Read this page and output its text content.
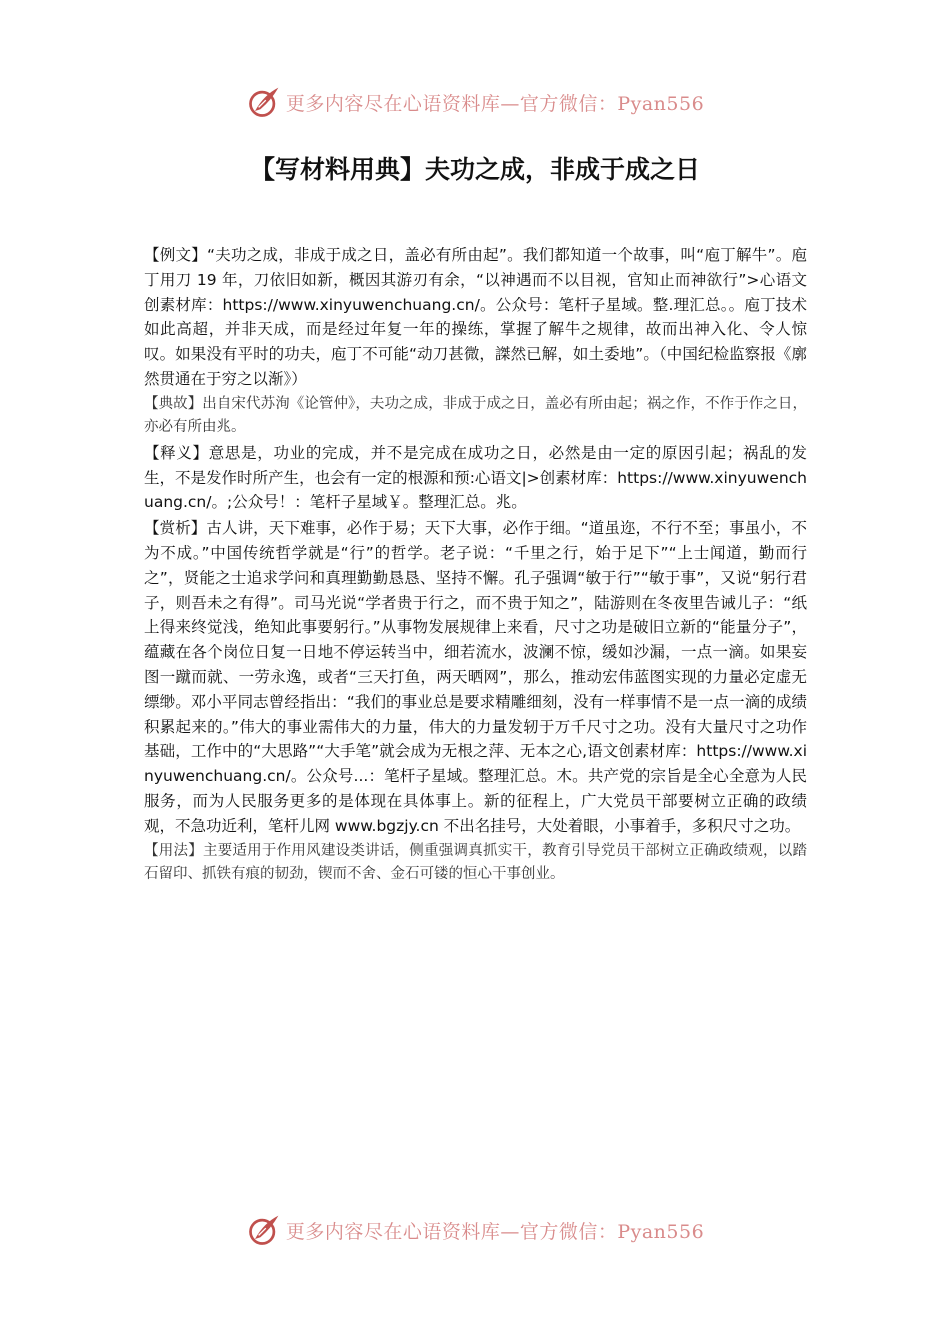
更多内容尽在心语资料库—官方微信：Pyan556
【写材料用典】夫功之成，非成于成之日

【例文】“夫功之成，非成于成之日，盖必有所由起”。我们都知道一个故事，叫“庖丁解牛”。庖丁用刀 19 年，刀依旧如新，概因其游刃有余，“以神遇而不以目视，官知止而神欲行”>心语文创素材库：https://www.xinyuwenchuang.cn/。公众号：笔杆子星域。整.理汇总。。庖丁技术如此高超，并非天成，而是经过年复一年的操练，掌握了解牛之规律，故而出神入化、令人惊叹。如果没有平时的功夫，庖丁不可能“动刀甚微，謋然已解，如土委地”。（中国纪检监察报《廓然贯通在于穷之以渐》）

【典故】出自宋代苏洵《论管仲》，夫功之成，非成于成之日，盖必有所由起；祸之作，不作于作之日，亦必有所由兆。

【释义】意思是，功业的完成，并不是完成在成功之日，必然是由一定的原因引起；祸乱的发生，不是发作时所产生，也会有一定的根源和预:心语文|>创素材库：https://www.xinyuwenchuang.cn/。;公众号！：笔杆子星域￥。整理汇总。兆。

【赏析】古人讲，天下难事，必作于易；天下大事，必作于细。“道虽迩，不行不至；事虽小，不为不成。”中国传统哲学就是“行”的哲学。老子说：“千里之行，始于足下”“上士闻道，勤而行之”，贤能之士追求学问和真理勤勤恳恳、坚持不懈。孔子强调“敏于行”“敏于事”，又说“躬行君子，则吾未之有得”。司马光说“学者贵于行之，而不贵于知之”，陆游则在冬夜里告诫儿子：“纸上得来终觉浅，绝知此事要躬行。”从事物发展规律上来看，尺寸之功是破旧立新的“能量分子”，蕴藏在各个岗位日复一日地不停运转当中，细若流水，波澜不惊，缓如沙漏，一点一滴。如果妄图一蹴而就、一劳永逸，或者“三天打鱼，两天晒网”，那么，推动宏伟蓝图实现的力量必定虚无缥缈。邓小平同志曾经指出：“我们的事业总是要求精雕细刻，没有一样事情不是一点一滴的成绩积累起来的。”伟大的事业需伟大的力量，伟大的力量发轫于万千尺寸之功。没有大量尺寸之功作基础，工作中的“大思路”“大手笔”就会成为无根之萍、无本之心,语文创素材库：https://www.xinyuwenchuang.cn/。公众号...：笔杆子星域。整理汇总。木。共产党的宗旨是全心全意为人民服务，而为人民服务更多的是体现在具体事上。新的征程上，广大党员干部要树立正确的政绩观，不急功近利，笔杆儿网 www.bgzjy.cn 不出名挂号，大处着眼，小事着手，多积尺寸之功。

【用法】主要适用于作用风建设类讲话，侧重强调真抓实干，教育引导党员干部树立正确政绩观，以踏石留印、抓铁有痕的韧劲，锲而不舍、金石可镂的恒心干事创业。

更多内容尽在心语资料库—官方微信：Pyan556
